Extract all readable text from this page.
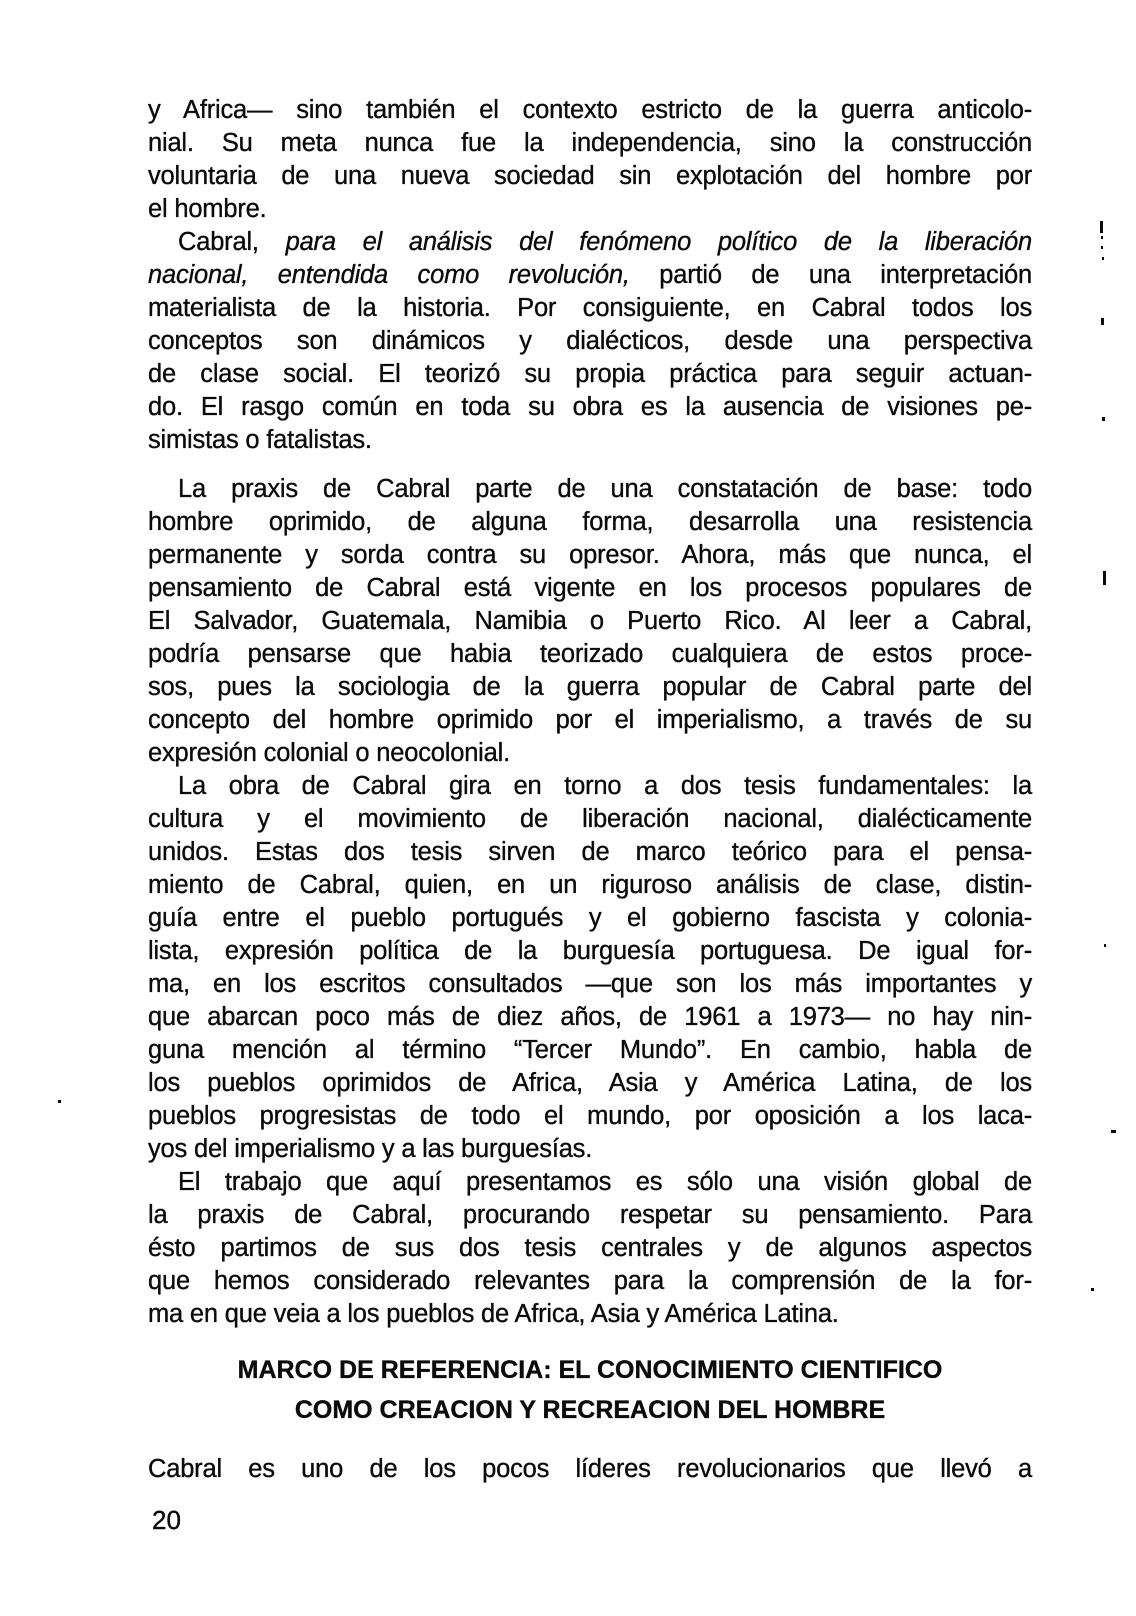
y Africa— sino también el contexto estricto de la guerra anticolo-
nial. Su meta nunca fue la independencia, sino la construcción
voluntaria de una nueva sociedad sin explotación del hombre por
el hombre.
Cabral, para el análisis del fenómeno político de la liberación
nacional, entendida como revolución, partió de una interpretación
materialista de la historia. Por consiguiente, en Cabral todos los
conceptos son dinámicos y dialécticos, desde una perspectiva
de clase social. El teorizó su propia práctica para seguir actuan-
do. El rasgo común en toda su obra es la ausencia de visiones pe-
simistas o fatalistas.
La praxis de Cabral parte de una constatación de base: todo
hombre oprimido, de alguna forma, desarrolla una resistencia
permanente y sorda contra su opresor. Ahora, más que nunca, el
pensamiento de Cabral está vigente en los procesos populares de
El Salvador, Guatemala, Namibia o Puerto Rico. Al leer a Cabral,
podría pensarse que habia teorizado cualquiera de estos proce-
sos, pues la sociologia de la guerra popular de Cabral parte del
concepto del hombre oprimido por el imperialismo, a través de su
expresión colonial o neocolonial.
La obra de Cabral gira en torno a dos tesis fundamentales: la
cultura y el movimiento de liberación nacional, dialécticamente
unidos. Estas dos tesis sirven de marco teórico para el pensa-
miento de Cabral, quien, en un riguroso análisis de clase, distin-
guía entre el pueblo portugués y el gobierno fascista y colonia-
lista, expresión política de la burguesía portuguesa. De igual for-
ma, en los escritos consultados —que son los más importantes y
que abarcan poco más de diez años, de 1961 a 1973— no hay nin-
guna mención al término “Tercer Mundo”. En cambio, habla de
los pueblos oprimidos de Africa, Asia y América Latina, de los
pueblos progresistas de todo el mundo, por oposición a los laca-
yos del imperialismo y a las burguesías.
El trabajo que aquí presentamos es sólo una visión global de
la praxis de Cabral, procurando respetar su pensamiento. Para
ésto partimos de sus dos tesis centrales y de algunos aspectos
que hemos considerado relevantes para la comprensión de la for-
ma en que veia a los pueblos de Africa, Asia y América Latina.
MARCO DE REFERENCIA: EL CONOCIMIENTO CIENTIFICO
COMO CREACION Y RECREACION DEL HOMBRE
Cabral es uno de los pocos líderes revolucionarios que llevó a
20
